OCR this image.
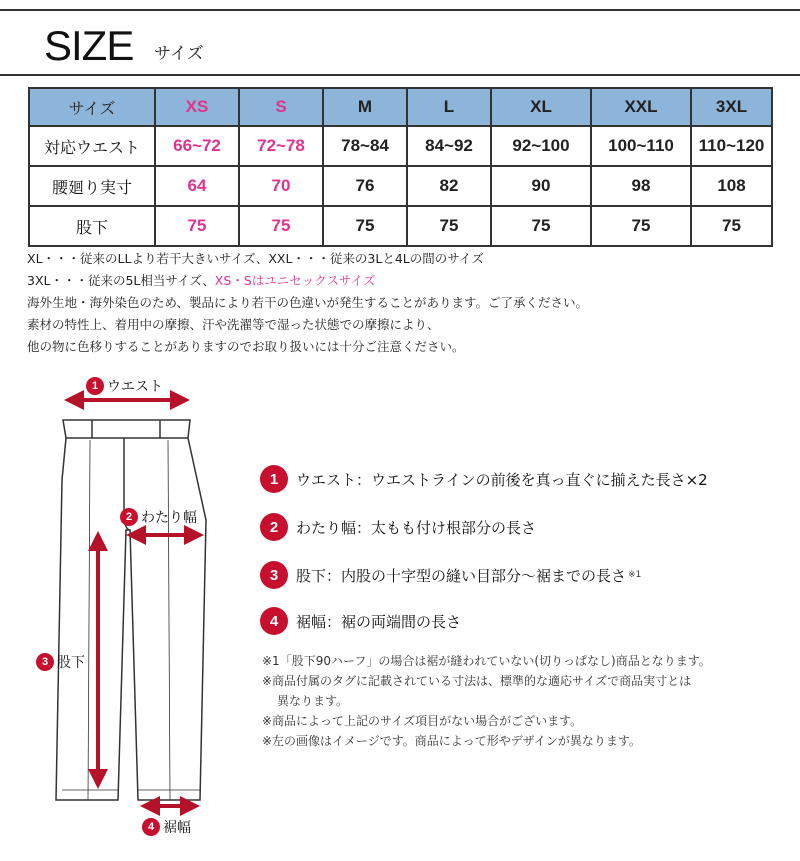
SIZE サイズ
サイズ	XS	S	M	L	XL	XXL	3XL
対応ウエスト	66~72	72~78	78~84	84~92	92~100	100~110	110~120
腰廻り実寸	64	70	76	82	90	98	108
股下	75	75	75	75	75	75	75
XL・・・従来のLLより若干大きいサイズ、XXL・・・従来の3Lと4Lの間のサイズ
3XL・・・従来の5L相当サイズ、XS・Sはユニセックスサイズ
海外生地・海外染色のため、製品により若干の色違いが発生することがあります。ご了承ください。
素材の特性上、着用中の摩擦、汗や洗濯等で湿った状態での摩擦により、
他の物に色移りすることがありますのでお取り扱いには十分ご注意ください。
1 ウエスト
2 わたり幅
3 股下
4 裾幅
1	ウエスト ：ウエストラインの前後を真っ直ぐに揃えた長さ×2
2	わたり幅 ：太もも付け根部分の長さ
3	股下 ：内股の十字型の縫い目部分～裾までの長さ ※1
4	裾幅 ：裾の両端間の長さ
※1「股下90ハーフ」の場合は裾が縫われていない(切りっぱなし)商品となります。
※商品付属のタグに記載されている寸法は、標準的な適応サイズで商品実寸とは
異なります。
※商品によって上記のサイズ項目がない場合がございます。
※左の画像はイメージです。商品によって形やデザインが異なります。
